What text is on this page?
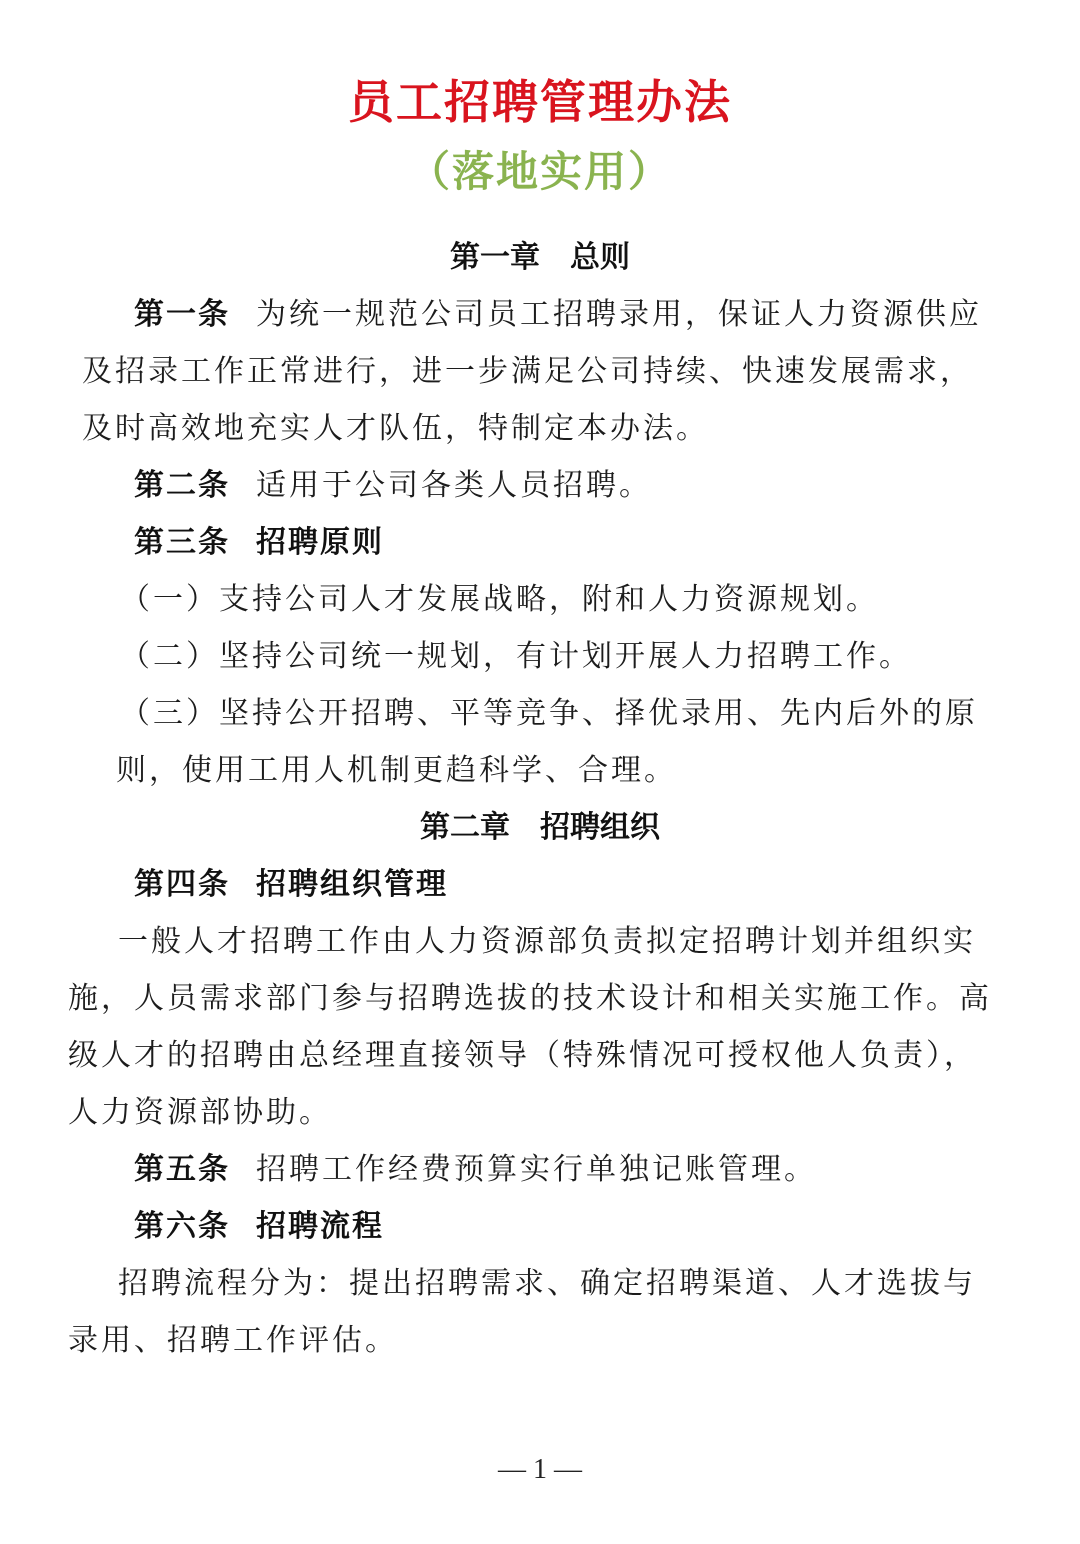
员工招聘管理办法
（落地实用）
第一章　总则
第一条 为统一规范公司员工招聘录用，保证人力资源供应
及招录工作正常进行，进一步满足公司持续、快速发展需求，
及时高效地充实人才队伍，特制定本办法。
第二条 适用于公司各类人员招聘。
第三条 招聘原则
（一）支持公司人才发展战略，附和人力资源规划。
（二）坚持公司统一规划，有计划开展人力招聘工作。
（三）坚持公开招聘、平等竞争、择优录用、先内后外的原
则，使用工用人机制更趋科学、合理。
第二章　招聘组织
第四条 招聘组织管理
一般人才招聘工作由人力资源部负责拟定招聘计划并组织实
施，人员需求部门参与招聘选拔的技术设计和相关实施工作。高
级人才的招聘由总经理直接领导（特殊情况可授权他人负责），
人力资源部协助。
第五条 招聘工作经费预算实行单独记账管理。
第六条 招聘流程
招聘流程分为：提出招聘需求、确定招聘渠道、人才选拔与
录用、招聘工作评估。
— 1 —
